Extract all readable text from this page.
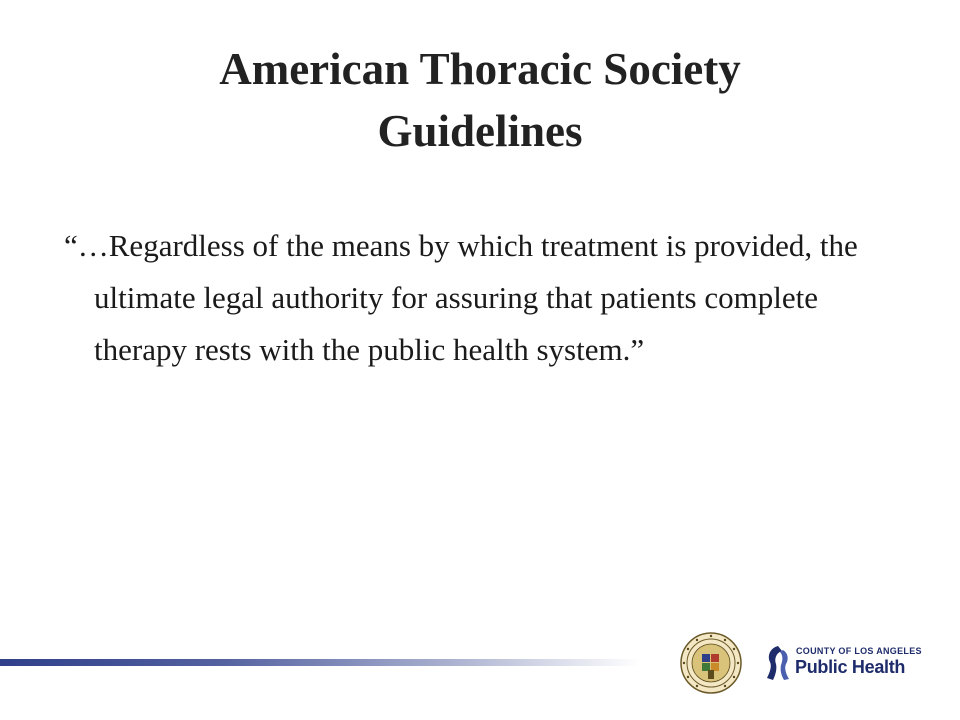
American Thoracic Society
Guidelines
“…Regardless of the means by which treatment is provided, the ultimate legal authority for assuring that patients complete therapy rests with the public health system.”
COUNTY OF LOS ANGELES
Public Health
